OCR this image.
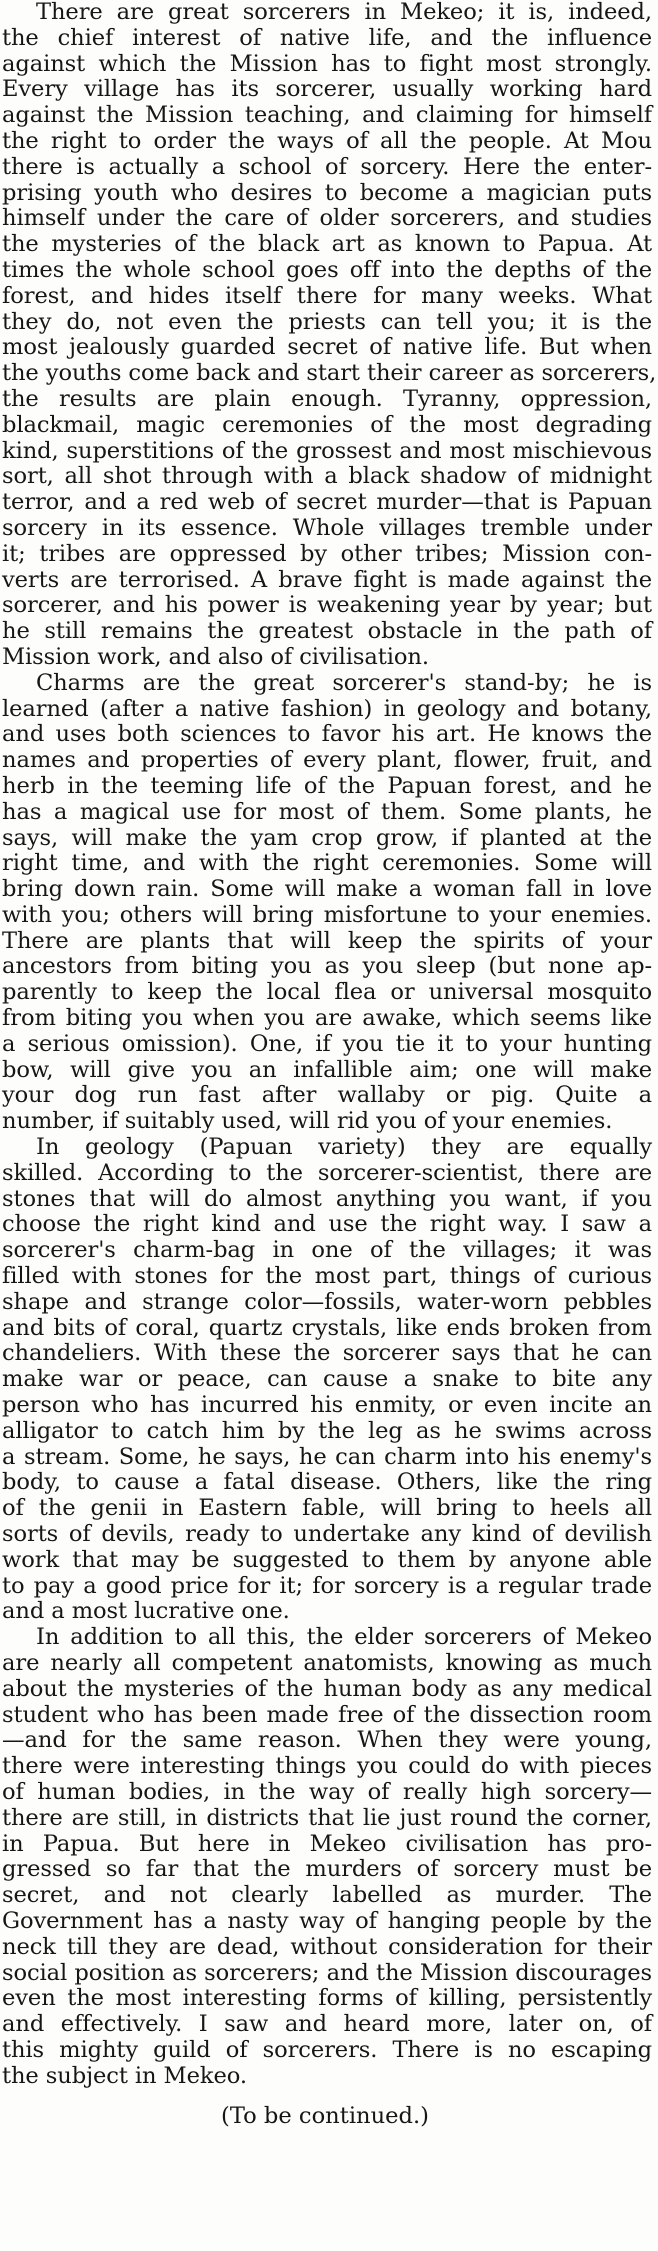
There are great sorcerers in Mekeo; it is, indeed,
the chief interest of native life, and the influence
against which the Mission has to fight most strongly.
Every village has its sorcerer, usually working hard
against the Mission teaching, and claiming for himself
the right to order the ways of all the people. At Mou
there is actually a school of sorcery. Here the enter-
prising youth who desires to become a magician puts
himself under the care of older sorcerers, and studies
the mysteries of the black art as known to Papua. At
times the whole school goes off into the depths of the
forest, and hides itself there for many weeks. What
they do, not even the priests can tell you; it is the
most jealously guarded secret of native life. But when
the youths come back and start their career as sorcerers,
the results are plain enough. Tyranny, oppression,
blackmail, magic ceremonies of the most degrading
kind, superstitions of the grossest and most mischievous
sort, all shot through with a black shadow of midnight
terror, and a red web of secret murder—that is Papuan
sorcery in its essence. Whole villages tremble under
it; tribes are oppressed by other tribes; Mission con-
verts are terrorised. A brave fight is made against the
sorcerer, and his power is weakening year by year; but
he still remains the greatest obstacle in the path of
Mission work, and also of civilisation.
Charms are the great sorcerer's stand-by; he is
learned (after a native fashion) in geology and botany,
and uses both sciences to favor his art. He knows the
names and properties of every plant, flower, fruit, and
herb in the teeming life of the Papuan forest, and he
has a magical use for most of them. Some plants, he
says, will make the yam crop grow, if planted at the
right time, and with the right ceremonies. Some will
bring down rain. Some will make a woman fall in love
with you; others will bring misfortune to your enemies.
There are plants that will keep the spirits of your
ancestors from biting you as you sleep (but none ap-
parently to keep the local flea or universal mosquito
from biting you when you are awake, which seems like
a serious omission). One, if you tie it to your hunting
bow, will give you an infallible aim; one will make
your dog run fast after wallaby or pig. Quite a
number, if suitably used, will rid you of your enemies.
In geology (Papuan variety) they are equally
skilled. According to the sorcerer-scientist, there are
stones that will do almost anything you want, if you
choose the right kind and use the right way. I saw a
sorcerer's charm-bag in one of the villages; it was
filled with stones for the most part, things of curious
shape and strange color—fossils, water-worn pebbles
and bits of coral, quartz crystals, like ends broken from
chandeliers. With these the sorcerer says that he can
make war or peace, can cause a snake to bite any
person who has incurred his enmity, or even incite an
alligator to catch him by the leg as he swims across
a stream. Some, he says, he can charm into his enemy's
body, to cause a fatal disease. Others, like the ring
of the genii in Eastern fable, will bring to heels all
sorts of devils, ready to undertake any kind of devilish
work that may be suggested to them by anyone able
to pay a good price for it; for sorcery is a regular trade
and a most lucrative one.
In addition to all this, the elder sorcerers of Mekeo
are nearly all competent anatomists, knowing as much
about the mysteries of the human body as any medical
student who has been made free of the dissection room
—and for the same reason. When they were young,
there were interesting things you could do with pieces
of human bodies, in the way of really high sorcery—
there are still, in districts that lie just round the corner,
in Papua. But here in Mekeo civilisation has pro-
gressed so far that the murders of sorcery must be
secret, and not clearly labelled as murder. The
Government has a nasty way of hanging people by the
neck till they are dead, without consideration for their
social position as sorcerers; and the Mission discourages
even the most interesting forms of killing, persistently
and effectively. I saw and heard more, later on, of
this mighty guild of sorcerers. There is no escaping
the subject in Mekeo.
(To be continued.)
